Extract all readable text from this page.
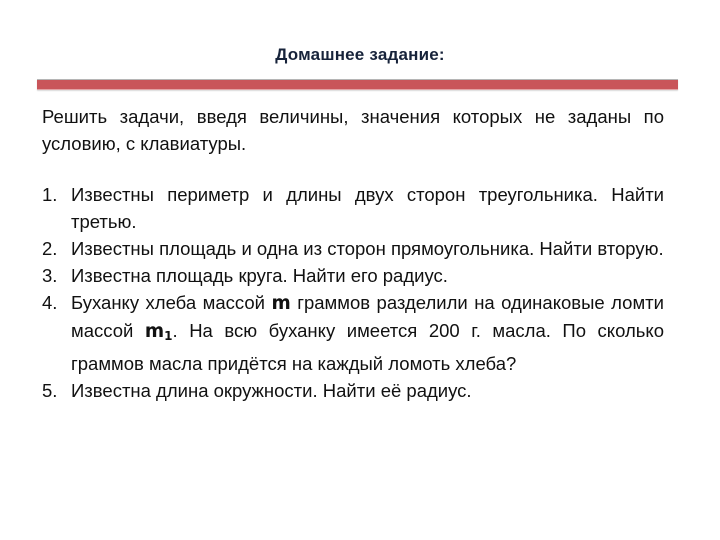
Домашнее задание:

Решить задачи, введя величины, значения которых не заданы по условию, с клавиатуры.

1. Известны периметр и длины двух сторон треугольника. Найти третью.
2. Известны площадь и одна из сторон прямоугольника. Найти вторую.
3. Известна площадь круга. Найти его радиус.
4. Буханку хлеба массой m граммов разделили на одинаковые ломти массой $m_1$. На всю буханку имеется 200 г. масла. По сколько граммов масла придётся на каждый ломоть хлеба?
5. Известна длина окружности. Найти её радиус.
